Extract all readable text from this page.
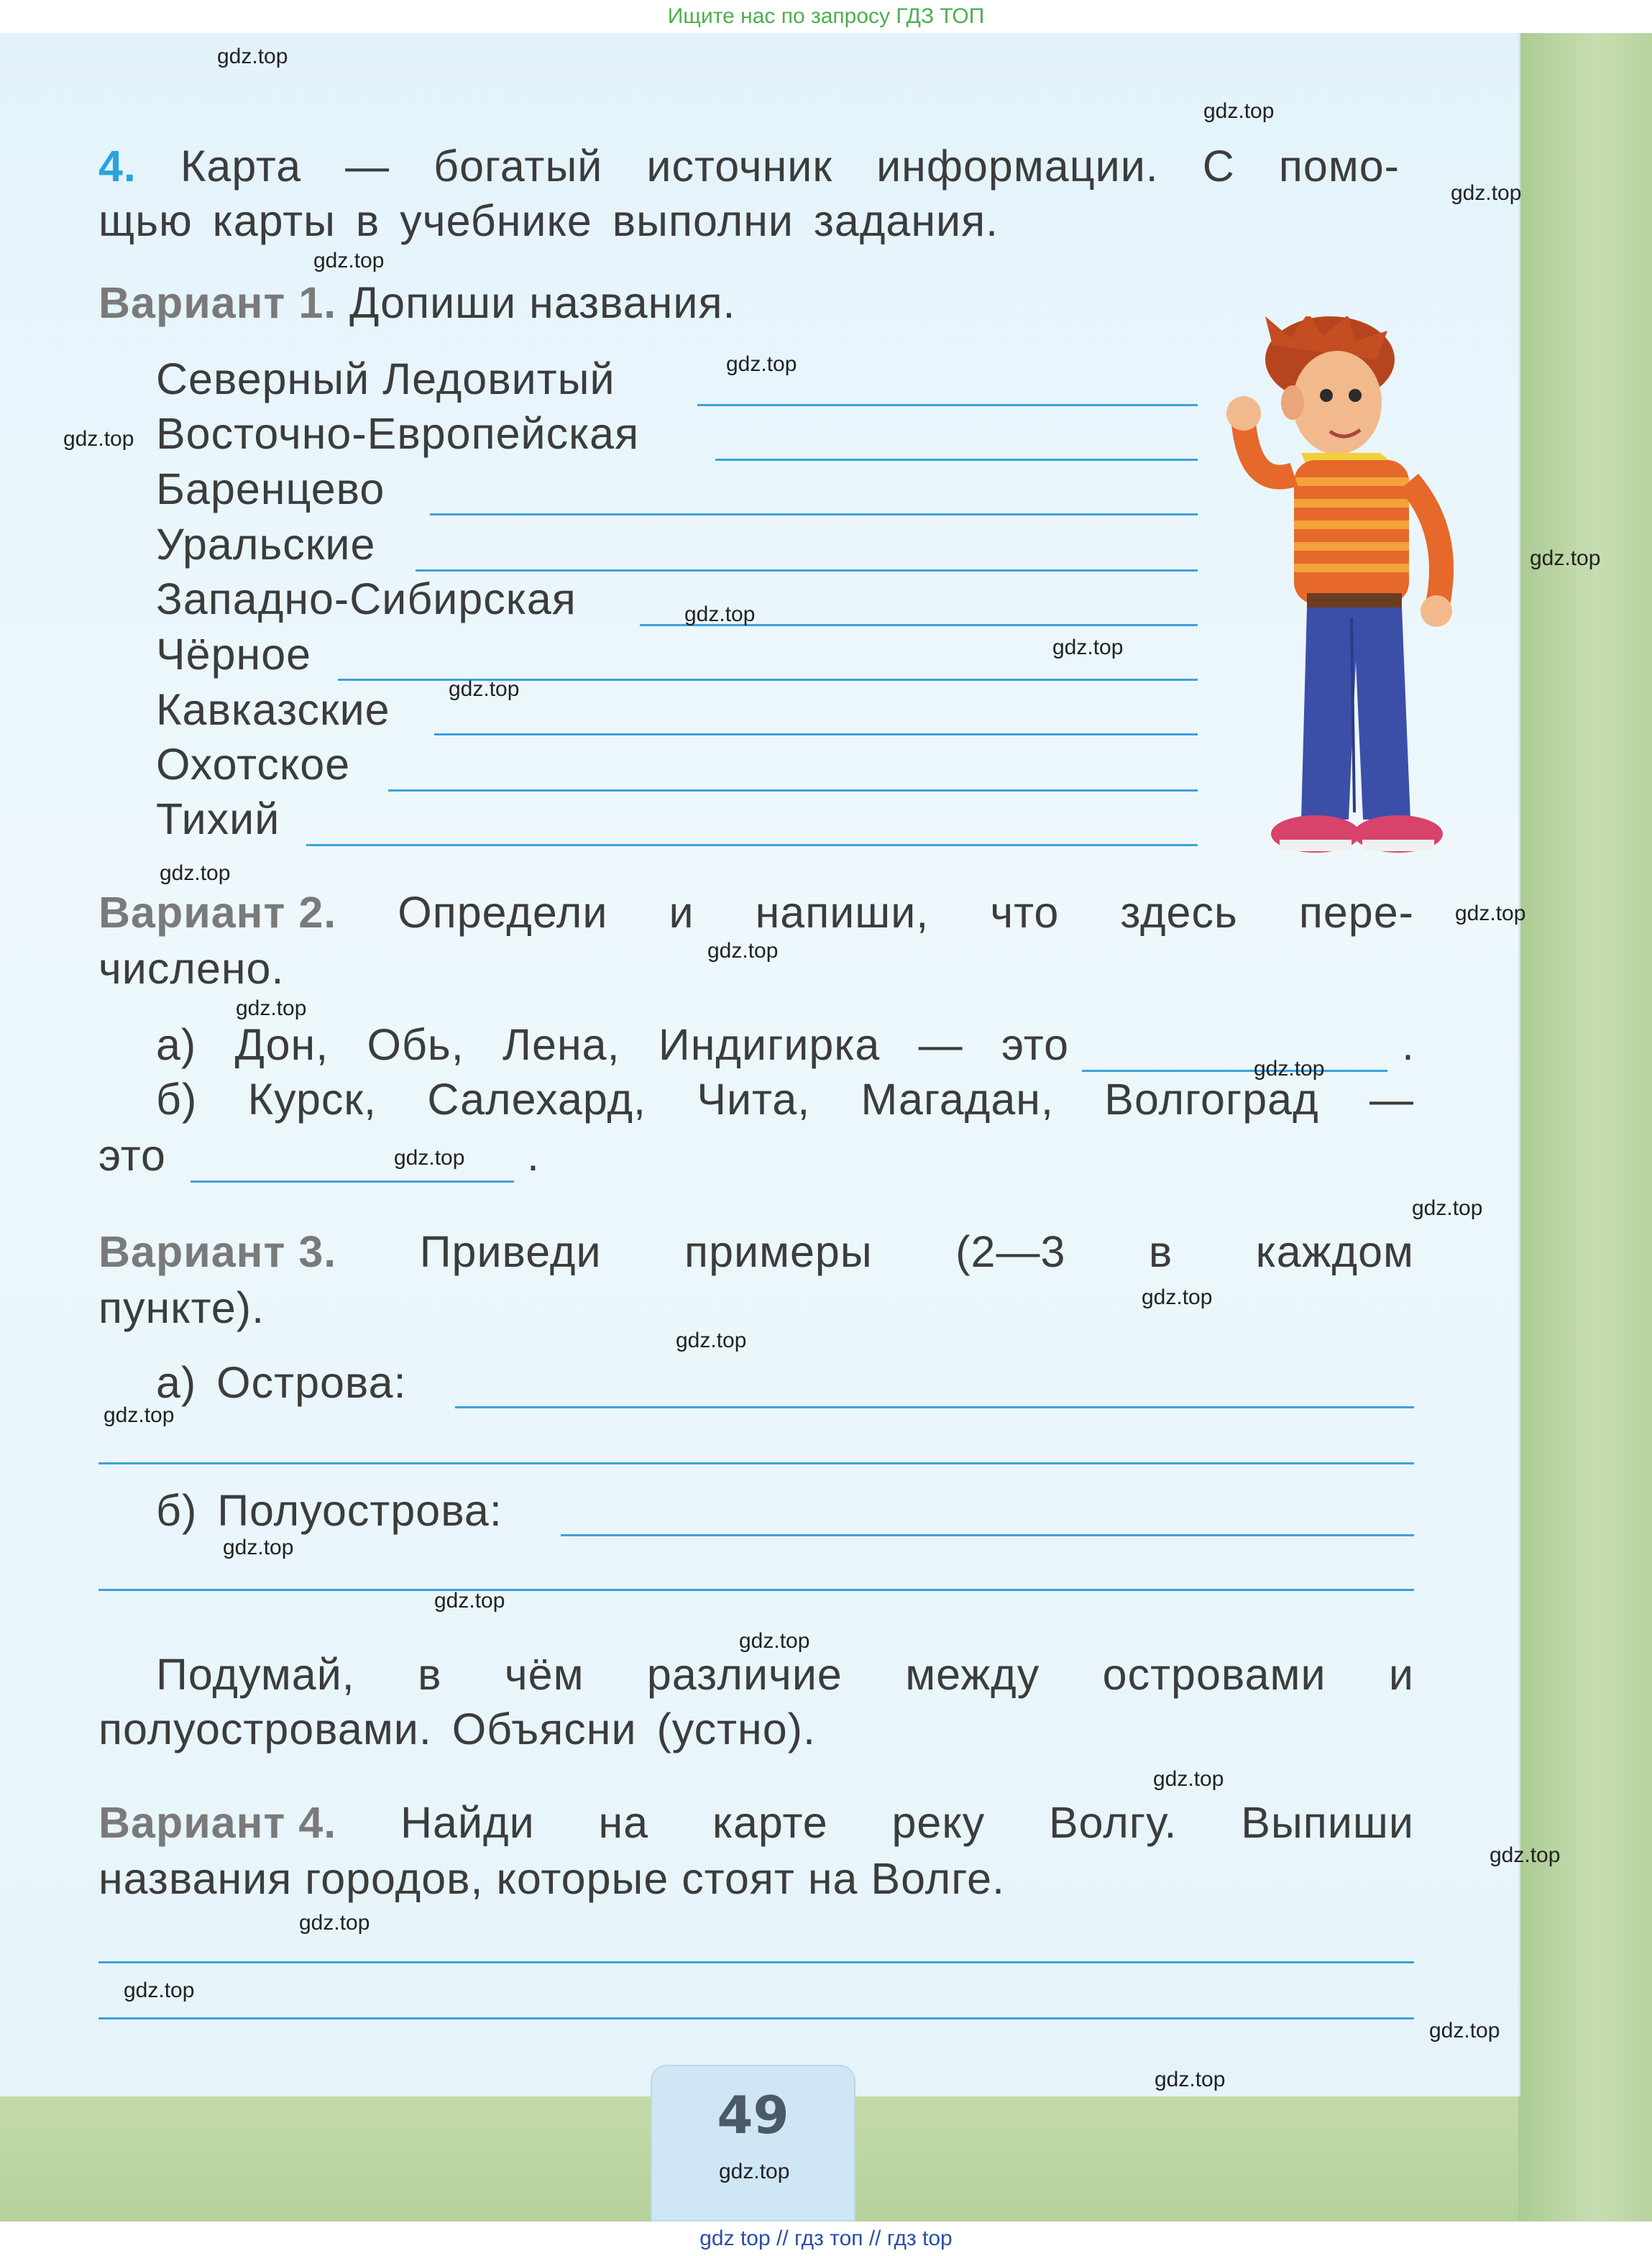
Ищите нас по запросу ГДЗ ТОП
4. Карта — богатый источник информации. С помо-
щью карты в учебнике выполни задания.
Вариант 1. Допиши названия.
Северный Ледовитый
Восточно-Европейская
Баренцево
Уральские
Западно-Сибирская
Чёрное
Кавказские
Охотское
Тихий
Вариант 2. Определи и напиши, что здесь пере-
числено.
а) Дон, Обь, Лена, Индигирка — это	.
б) Курск, Салехард, Чита, Магадан, Волгоград —
это	.
Вариант 3. Приведи примеры (2—3 в каждом
пункте).
а) Острова:
б) Полуострова:
Подумай, в чём различие между островами и
полуостровами. Объясни (устно).
Вариант 4. Найди на карте реку Волгу. Выпиши
названия городов, которые стоят на Волге.
49
gdz.top
gdz.top
gdz.top
gdz.top
gdz.top
gdz.top
gdz.top
gdz.top
gdz.top
gdz.top
gdz.top
gdz.top
gdz.top
gdz.top
gdz.top
gdz.top
gdz.top
gdz.top
gdz.top
gdz.top
gdz.top
gdz.top
gdz.top
gdz.top
gdz.top
gdz.top
gdz.top
gdz.top
gdz.top
gdz.top
gdz top // гдз топ // гдз top
